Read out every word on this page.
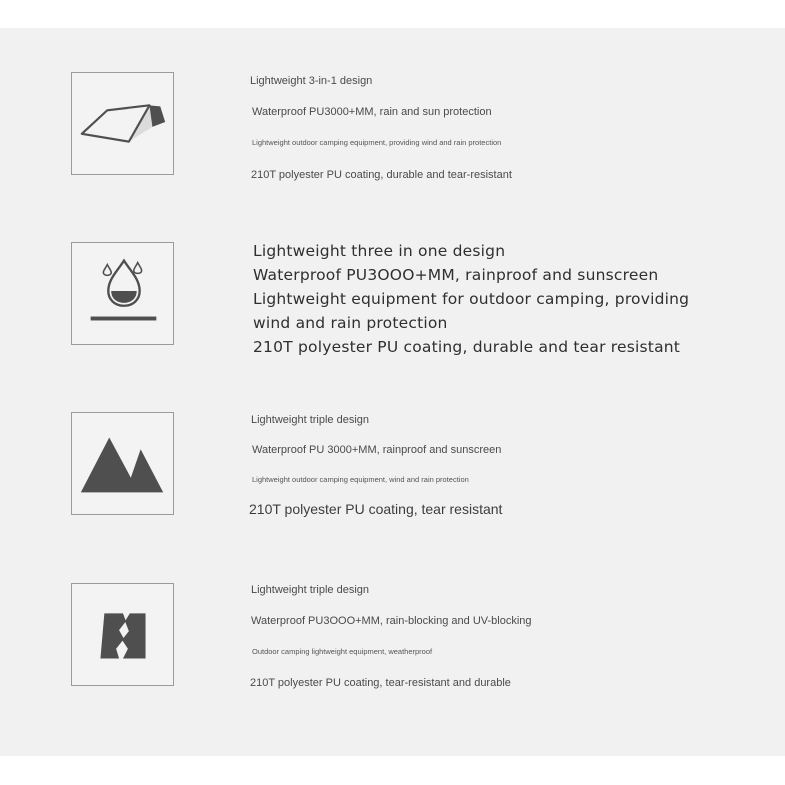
Lightweight 3-in-1 design
Waterproof PU3000+MM, rain and sun protection
Lightweight outdoor camping equipment, providing wind and rain protection
210T polyester PU coating, durable and tear-resistant
Lightweight three in one design
Waterproof PU3OOO+MM, rainproof and sunscreen
Lightweight equipment for outdoor camping, providing
wind and rain protection
210T polyester PU coating, durable and tear resistant
Lightweight triple design
Waterproof PU 3000+MM, rainproof and sunscreen
Lightweight outdoor camping equipment, wind and rain protection
210T polyester PU coating, tear resistant
Lightweight triple design
Waterproof PU3OOO+MM, rain-blocking and UV-blocking
Outdoor camping lightweight equipment, weatherproof
210T polyester PU coating, tear-resistant and durable
